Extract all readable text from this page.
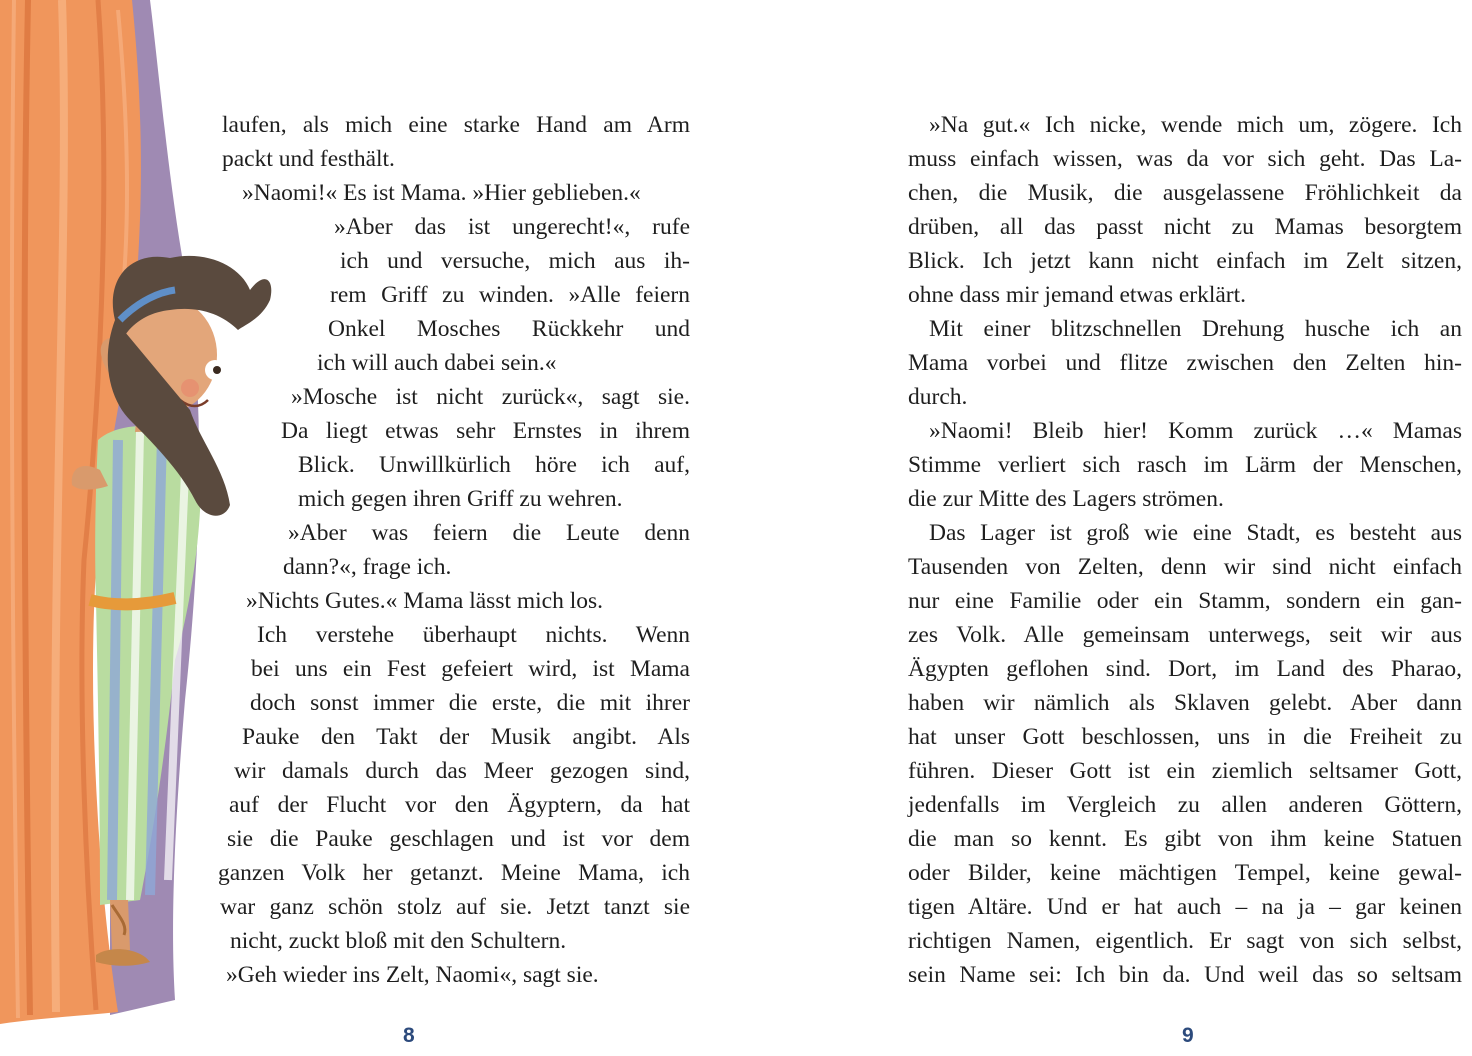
laufen, als mich eine starke Hand am Arm
packt und festhält.
»Naomi!« Es ist Mama. »Hier geblieben.«
»Aber das ist ungerecht!«, rufe
ich und versuche, mich aus ih-
rem Griff zu winden. »Alle feiern
Onkel Mosches Rückkehr und
ich will auch dabei sein.«
»Mosche ist nicht zurück«, sagt sie.
Da liegt etwas sehr Ernstes in ihrem
Blick. Unwillkürlich höre ich auf,
mich gegen ihren Griff zu wehren.
»Aber was feiern die Leute denn
dann?«, frage ich.
»Nichts Gutes.« Mama lässt mich los.
Ich verstehe überhaupt nichts. Wenn
bei uns ein Fest gefeiert wird, ist Mama
doch sonst immer die erste, die mit ihrer
Pauke den Takt der Musik angibt. Als
wir damals durch das Meer gezogen sind,
auf der Flucht vor den Ägyptern, da hat
sie die Pauke geschlagen und ist vor dem
ganzen Volk her getanzt. Meine Mama, ich
war ganz schön stolz auf sie. Jetzt tanzt sie
nicht, zuckt bloß mit den Schultern.
»Geh wieder ins Zelt, Naomi«, sagt sie.
8
»Na gut.« Ich nicke, wende mich um, zögere. Ich
muss einfach wissen, was da vor sich geht. Das La-
chen, die Musik, die ausgelassene Fröhlichkeit da
drüben, all das passt nicht zu Mamas besorgtem
Blick. Ich jetzt kann nicht einfach im Zelt sitzen,
ohne dass mir jemand etwas erklärt.
Mit einer blitzschnellen Drehung husche ich an
Mama vorbei und flitze zwischen den Zelten hin-
durch.
»Naomi! Bleib hier! Komm zurück …« Mamas
Stimme verliert sich rasch im Lärm der Menschen,
die zur Mitte des Lagers strömen.
Das Lager ist groß wie eine Stadt, es besteht aus
Tausenden von Zelten, denn wir sind nicht einfach
nur eine Familie oder ein Stamm, sondern ein gan-
zes Volk. Alle gemeinsam unterwegs, seit wir aus
Ägypten geflohen sind. Dort, im Land des Pharao,
haben wir nämlich als Sklaven gelebt. Aber dann
hat unser Gott beschlossen, uns in die Freiheit zu
führen. Dieser Gott ist ein ziemlich seltsamer Gott,
jedenfalls im Vergleich zu allen anderen Göttern,
die man so kennt. Es gibt von ihm keine Statuen
oder Bilder, keine mächtigen Tempel, keine gewal-
tigen Altäre. Und er hat auch – na ja – gar keinen
richtigen Namen, eigentlich. Er sagt von sich selbst,
sein Name sei: Ich bin da. Und weil das so seltsam
9
